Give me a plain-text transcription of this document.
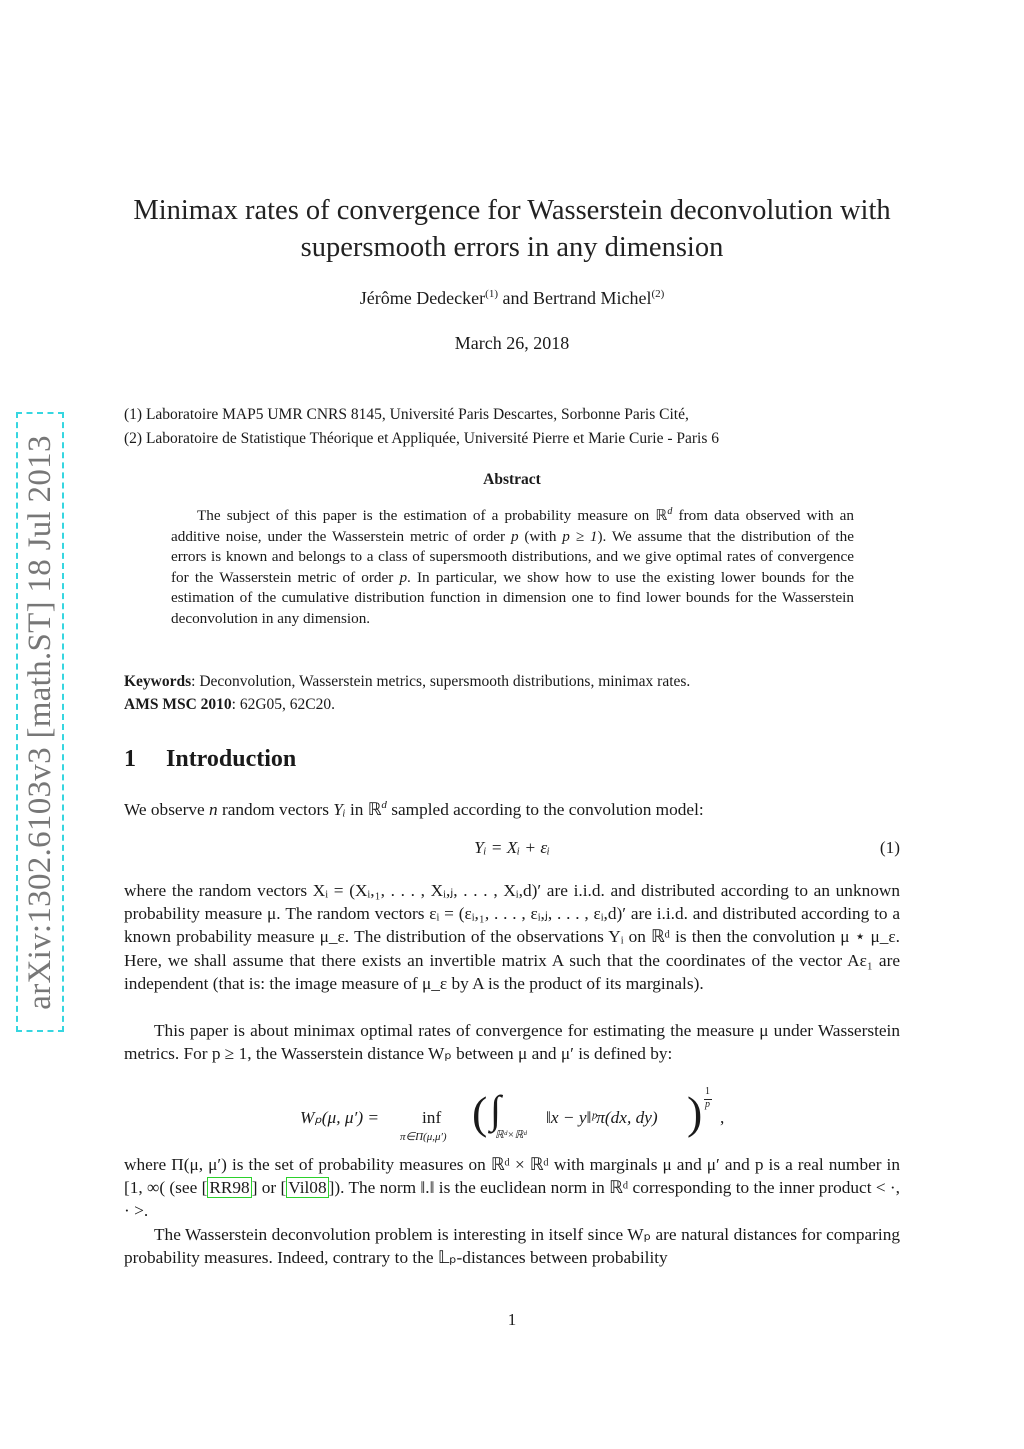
arXiv:1302.6103v3 [math.ST] 18 Jul 2013
Minimax rates of convergence for Wasserstein deconvolution with
supersmooth errors in any dimension
Jérôme Dedecker$^{(1)}$ and Bertrand Michel$^{(2)}$
March 26, 2018
(1) Laboratoire MAP5 UMR CNRS 8145, Université Paris Descartes, Sorbonne Paris Cité,
(2) Laboratoire de Statistique Théorique et Appliquée, Université Pierre et Marie Curie - Paris 6
Abstract
The subject of this paper is the estimation of a probability measure on ℝ$^d$ from data observed with an additive noise, under the Wasserstein metric of order p (with p ≥ 1). We assume that the distribution of the errors is known and belongs to a class of supersmooth distributions, and we give optimal rates of convergence for the Wasserstein metric of order p. In particular, we show how to use the existing lower bounds for the estimation of the cumulative distribution function in dimension one to find lower bounds for the Wasserstein deconvolution in any dimension.
Keywords: Deconvolution, Wasserstein metrics, supersmooth distributions, minimax rates.
AMS MSC 2010: 62G05, 62C20.
1 Introduction
We observe n random vectors Yᵢ in ℝ$^d$ sampled according to the convolution model:
Yᵢ = Xᵢ + εᵢ	(1)
where the random vectors Xᵢ = (Xᵢ,₁, . . . , Xᵢ,ⱼ, . . . , Xᵢ,d)′ are i.i.d. and distributed according to an unknown probability measure μ. The random vectors εᵢ = (εᵢ,₁, . . . , εᵢ,ⱼ, . . . , εᵢ,d)′ are i.i.d. and distributed according to a known probability measure μ_ε. The distribution of the observations Yᵢ on ℝᵈ is then the convolution μ ⋆ μ_ε. Here, we shall assume that there exists an invertible matrix A such that the coordinates of the vector Aε₁ are independent (that is: the image measure of μ_ε by A is the product of its marginals).
This paper is about minimax optimal rates of convergence for estimating the measure μ under Wasserstein metrics. For p ≥ 1, the Wasserstein distance Wₚ between μ and μ′ is defined by:
Wₚ(μ, μ′) = inf
π∈Π(μ,μ′) ( ∫
ℝᵈ×ℝᵈ
‖x − y‖ᵖπ(dx, dy) ) 1
p
,
where Π(μ, μ′) is the set of probability measures on ℝᵈ × ℝᵈ with marginals μ and μ′ and p is a real number in [1, ∞( (see [ RR98 ] or [ Vil08 ]). The norm ‖.‖ is the euclidean norm in ℝᵈ corresponding to the inner product < ·, · >.
The Wasserstein deconvolution problem is interesting in itself since Wₚ are natural distances for comparing probability measures. Indeed, contrary to the 𝕃ₚ-distances between probability
1
